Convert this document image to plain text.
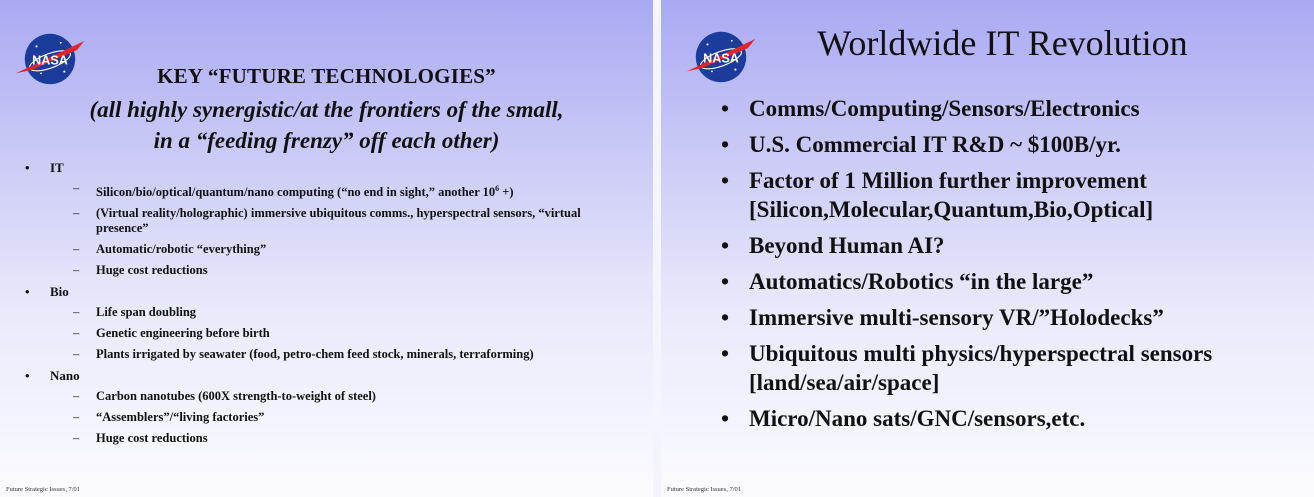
NASA
KEY “FUTURE TECHNOLOGIES”
(all highly synergistic/at the frontiers of the small,
in a “feeding frenzy” off each other)
• IT
– Silicon/bio/optical/quantum/nano computing (“no end in sight,” another $10^6$ +)
– (Virtual reality/holographic) immersive ubiquitous comms., hyperspectral sensors, “virtual presence”
– Automatic/robotic “everything”
– Huge cost reductions
• Bio
– Life span doubling
– Genetic engineering before birth
– Plants irrigated by seawater (food, petro-chem feed stock, minerals, terraforming)
• Nano
– Carbon nanotubes (600X strength-to-weight of steel)
– “Assemblers”/“living factories”
– Huge cost reductions
Future Strategic Issues, 7/01
NASA	Worldwide IT Revolution
• Comms/Computing/Sensors/Electronics
• U.S. Commercial IT R&D ~ $100B/yr.
• Factor of 1 Million further improvement
[Silicon,Molecular,Quantum,Bio,Optical]
• Beyond Human AI?
• Automatics/Robotics “in the large”
• Immersive multi-sensory VR/”Holodecks”
• Ubiquitous multi physics/hyperspectral sensors
[land/sea/air/space]
• Micro/Nano sats/GNC/sensors,etc.
Future Strategic Issues, 7/01
